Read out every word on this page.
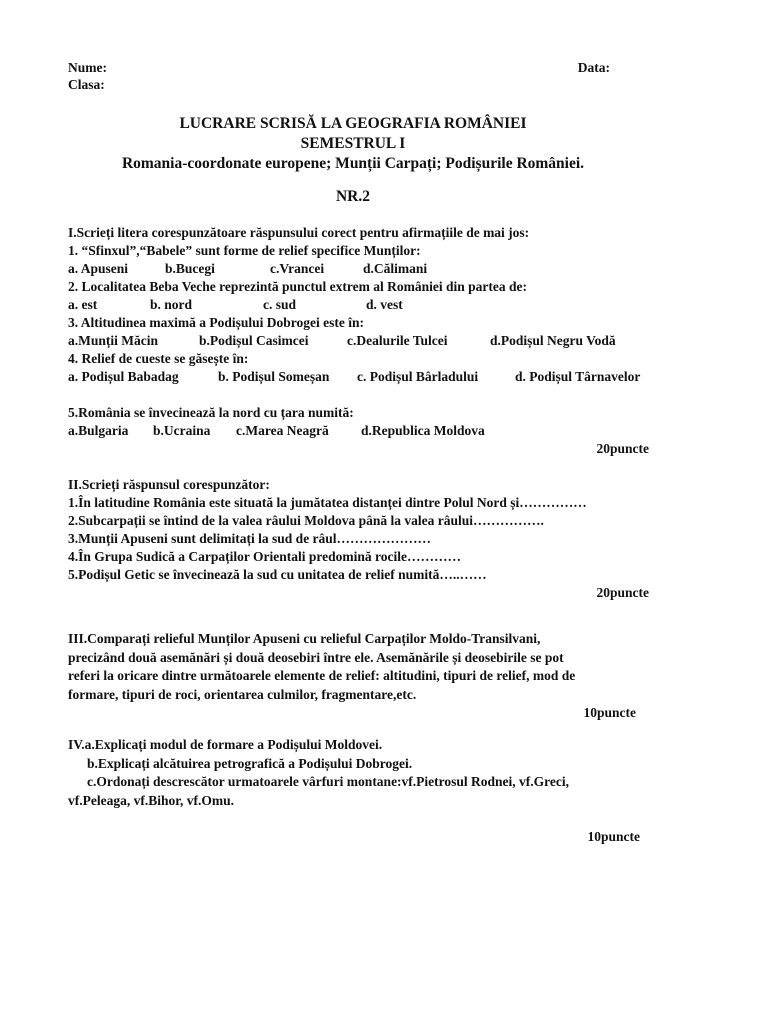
Nume:	Data:
Clasa:
LUCRARE SCRISĂ LA GEOGRAFIA ROMÂNIEI
SEMESTRUL I
Romania-coordonate europene; Munții Carpați; Podișurile României.
NR.2
I.Scrieți litera corespunzătoare răspunsului corect pentru afirmațiile de mai jos:
1. “Sfinxul”,“Babele” sunt forme de relief specifice Munților:
a. Apuseni	b.Bucegi	c.Vrancei	d.Călimani
2. Localitatea Beba Veche reprezintă punctul extrem al României din partea de:
a. est	b. nord	c. sud	d. vest
3. Altitudinea maximă a Podișului Dobrogei este în:
a.Munții Măcin	b.Podișul Casimcei	c.Dealurile Tulcei	d.Podișul Negru Vodă
4. Relief de cueste se găsește în:
a. Podișul Babadag	b. Podișul Someșan	c. Podișul Bârladului	d. Podișul Târnavelor
5.România se învecinează la nord cu țara numită:
a.Bulgaria	b.Ucraina	c.Marea Neagră	d.Republica Moldova
20puncte
II.Scrieți răspunsul corespunzător:
1.În latitudine România este situată la jumătatea distanței dintre Polul Nord și……………
2.Subcarpații se întind de la valea râului Moldova până la valea râului…………….
3.Munții Apuseni sunt delimitați la sud de râul…………………
4.În Grupa Sudică a Carpaților Orientali predomină rocile…………
5.Podișul Getic se învecinează la sud cu unitatea de relief numită…..……
20puncte
III.Comparați relieful Munților Apuseni cu relieful Carpaților Moldo-Transilvani,
precizând două asemănări și două deosebiri între ele. Asemănările și deosebirile se pot
referi la oricare dintre următoarele elemente de relief: altitudini, tipuri de relief, mod de
formare, tipuri de roci, orientarea culmilor, fragmentare,etc.
10puncte
IV.a.Explicați modul de formare a Podișului Moldovei.
b.Explicați alcătuirea petrografică a Podișului Dobrogei.
c.Ordonați descrescător urmatoarele vârfuri montane:vf.Pietrosul Rodnei, vf.Greci,
vf.Peleaga, vf.Bihor, vf.Omu.
10puncte
